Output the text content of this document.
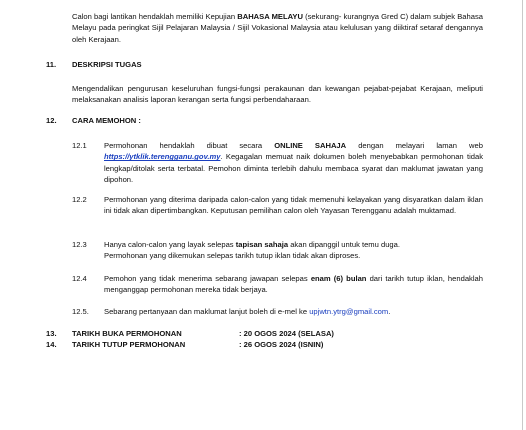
Calon bagi lantikan hendaklah memiliki Kepujian BAHASA MELAYU (sekurang- kurangnya Gred C) dalam subjek Bahasa Melayu pada peringkat Sijil Pelajaran Malaysia / Sijil Vokasional Malaysia atau kelulusan yang diiktiraf setaraf dengannya oleh Kerajaan.
11. DESKRIPSI TUGAS
Mengendalikan pengurusan keseluruhan fungsi-fungsi perakaunan dan kewangan pejabat-pejabat Kerajaan, meliputi melaksanakan analisis laporan kerangan serta fungsi perbendaharaan.
12. CARA MEMOHON :
12.1 Permohonan hendaklah dibuat secara ONLINE SAHAJA dengan melayari laman web https://ytklik.terengganu.gov.my. Kegagalan memuat naik dokumen boleh menyebabkan permohonan tidak lengkap/ditolak serta terbatal. Pemohon diminta terlebih dahulu membaca syarat dan maklumat jawatan yang dipohon.
12.2 Permohonan yang diterima daripada calon-calon yang tidak memenuhi kelayakan yang disyaratkan dalam iklan ini tidak akan dipertimbangkan. Keputusan pemilihan calon oleh Yayasan Terengganu adalah muktamad.
12.3 Hanya calon-calon yang layak selepas tapisan sahaja akan dipanggil untuk temu duga.
Permohonan yang dikemukan selepas tarikh tutup iklan tidak akan diproses.
12.4 Pemohon yang tidak menerima sebarang jawapan selepas enam (6) bulan dari tarikh tutup iklan, hendaklah menganggap permohonan mereka tidak berjaya.
12.5. Sebarang pertanyaan dan maklumat lanjut boleh di e-mel ke upjwtn.ytrg@gmail.com.
13. TARIKH BUKA PERMOHONAN	: 20 OGOS 2024 (SELASA)
14. TARIKH TUTUP PERMOHONAN	: 26 OGOS 2024 (ISNIN)
